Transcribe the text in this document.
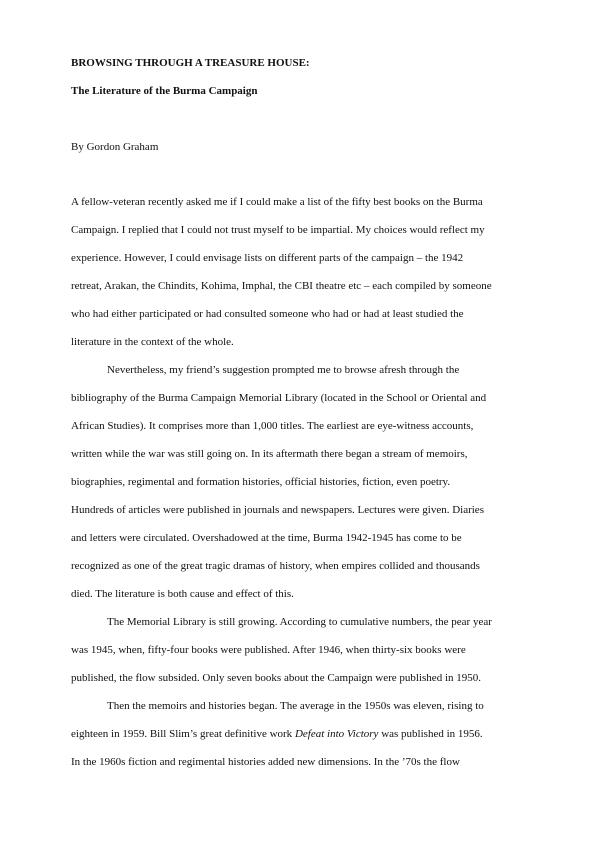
BROWSING THROUGH A TREASURE HOUSE:
The Literature of the Burma Campaign

By Gordon Graham

A fellow-veteran recently asked me if I could make a list of the fifty best books on the Burma
Campaign. I replied that I could not trust myself to be impartial. My choices would reflect my
experience. However, I could envisage lists on different parts of the campaign – the 1942
retreat, Arakan, the Chindits, Kohima, Imphal, the CBI theatre etc – each compiled by someone
who had either participated or had consulted someone who had or had at least studied the
literature in the context of the whole.

Nevertheless, my friend’s suggestion prompted me to browse afresh through the
bibliography of the Burma Campaign Memorial Library (located in the School or Oriental and
African Studies). It comprises more than 1,000 titles. The earliest are eye-witness accounts,
written while the war was still going on. In its aftermath there began a stream of memoirs,
biographies, regimental and formation histories, official histories, fiction, even poetry.
Hundreds of articles were published in journals and newspapers. Lectures were given. Diaries
and letters were circulated. Overshadowed at the time, Burma 1942-1945 has come to be
recognized as one of the great tragic dramas of history, when empires collided and thousands
died. The literature is both cause and effect of this.

The Memorial Library is still growing. According to cumulative numbers, the pear year
was 1945, when, fifty-four books were published. After 1946, when thirty-six books were
published, the flow subsided. Only seven books about the Campaign were published in 1950.

Then the memoirs and histories began. The average in the 1950s was eleven, rising to
eighteen in 1959. Bill Slim’s great definitive work Defeat into Victory was published in 1956.
In the 1960s fiction and regimental histories added new dimensions. In the ’70s the flow
